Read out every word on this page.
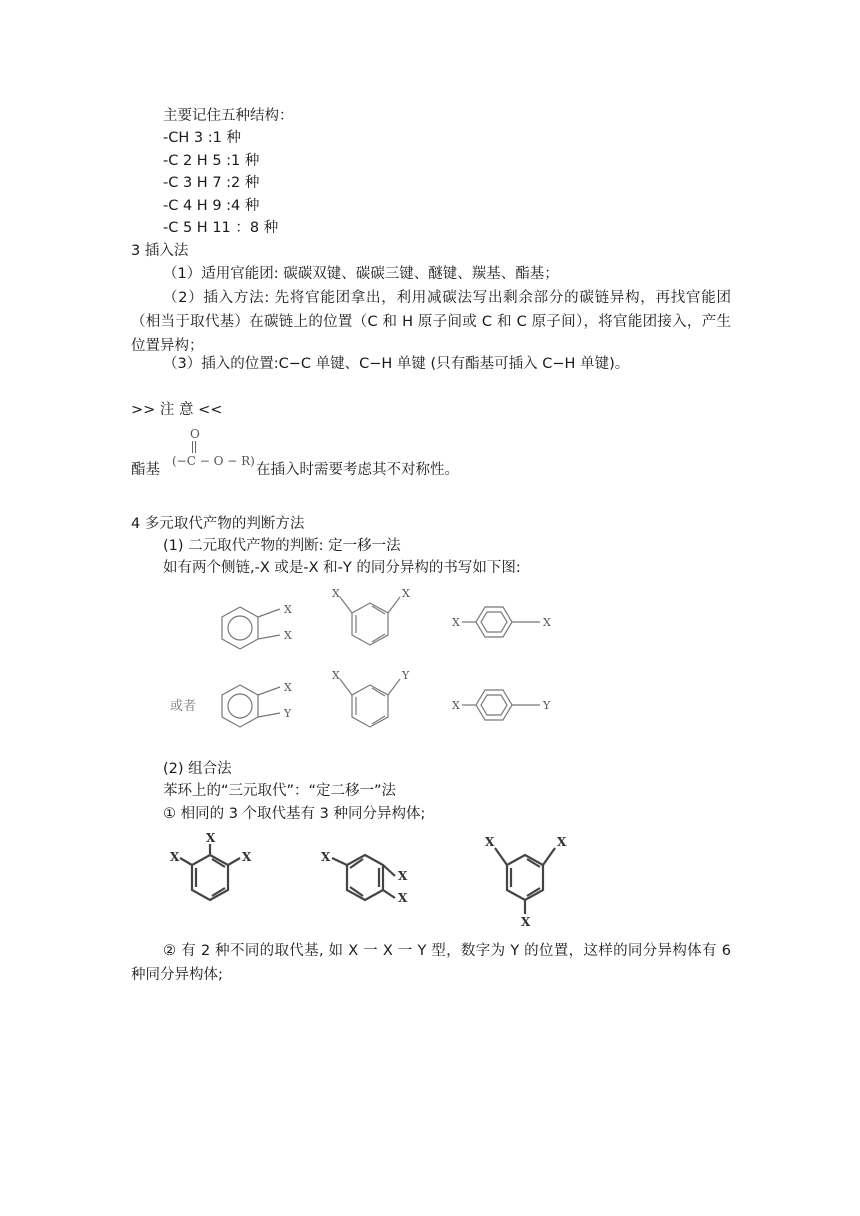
主要记住五种结构：
-CH 3 :1 种
-C 2 H 5 :1 种
-C 3 H 7 :2 种
-C 4 H 9 :4 种
-C 5 H 11 ：8 种
3 插入法
（1）适用官能团: 碳碳双键、碳碳三键、醚键、羰基、酯基；
（2）插入方法: 先将官能团拿出，利用减碳法写出剩余部分的碳链异构，再找官能团（相当于取代基）在碳链上的位置（C 和 H 原子间或 C 和 C 原子间），将官能团接入，产生位置异构；
（3）插入的位置:C−C 单键、C−H 单键 (只有酯基可插入 C−H 单键)。
>> 注 意 <<
酯基
O
(−C − O − R)
在插入时需要考虑其不对称性。
4 多元取代产物的判断方法
(1) 二元取代产物的判断: 定一移一法
如有两个侧链,-X 或是-X 和-Y 的同分异构的书写如下图:
X
X
X	X
X	X
X
Y
X	Y
X	Y
或者
(2) 组合法
苯环上的“三元取代”：“定二移一”法
① 相同的 3 个取代基有 3 种同分异构体;
X
X
X	X
X
X
X	X
X
② 有 2 种不同的取代基, 如 X 一 X 一 Y 型，数字为 Y 的位置，这样的同分异构体有 6 种同分异构体;
